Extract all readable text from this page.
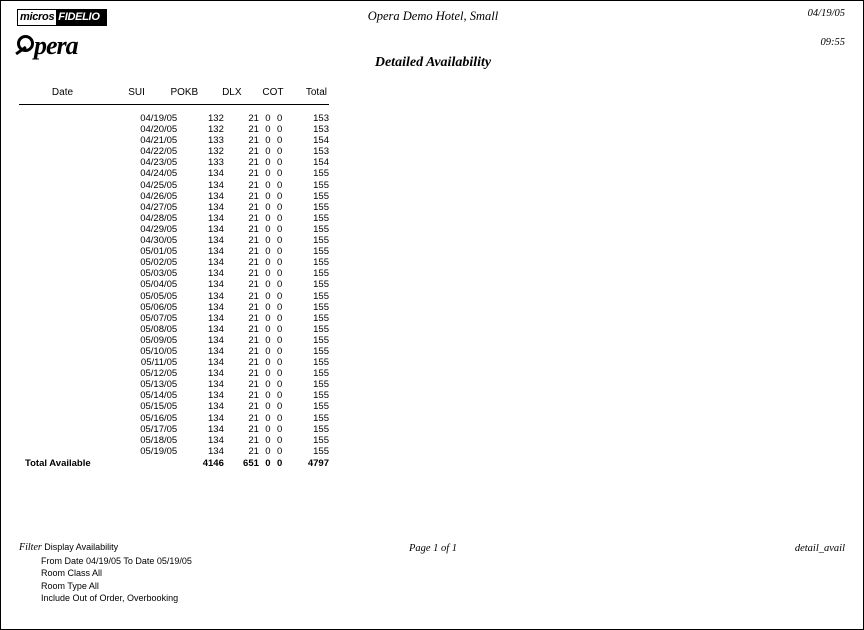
micros FIDELIO
pera
Opera Demo Hotel, Small	04/19/05
09:55
Detailed Availability
Date	SUI	POKB	DLX	COT	Total
04/19/05	132	21	0	0	153
04/20/05	132	21	0	0	153
04/21/05	133	21	0	0	154
04/22/05	132	21	0	0	153
04/23/05	133	21	0	0	154
04/24/05	134	21	0	0	155
04/25/05	134	21	0	0	155
04/26/05	134	21	0	0	155
04/27/05	134	21	0	0	155
04/28/05	134	21	0	0	155
04/29/05	134	21	0	0	155
04/30/05	134	21	0	0	155
05/01/05	134	21	0	0	155
05/02/05	134	21	0	0	155
05/03/05	134	21	0	0	155
05/04/05	134	21	0	0	155
05/05/05	134	21	0	0	155
05/06/05	134	21	0	0	155
05/07/05	134	21	0	0	155
05/08/05	134	21	0	0	155
05/09/05	134	21	0	0	155
05/10/05	134	21	0	0	155
05/11/05	134	21	0	0	155
05/12/05	134	21	0	0	155
05/13/05	134	21	0	0	155
05/14/05	134	21	0	0	155
05/15/05	134	21	0	0	155
05/16/05	134	21	0	0	155
05/17/05	134	21	0	0	155
05/18/05	134	21	0	0	155
05/19/05	134	21	0	0	155
Total Available	4146	651	0	0	4797
Filter Display Availability
From Date 04/19/05 To Date 05/19/05
Room Class All
Room Type All
Include Out of Order, Overbooking
Page 1 of 1	detail_avail
